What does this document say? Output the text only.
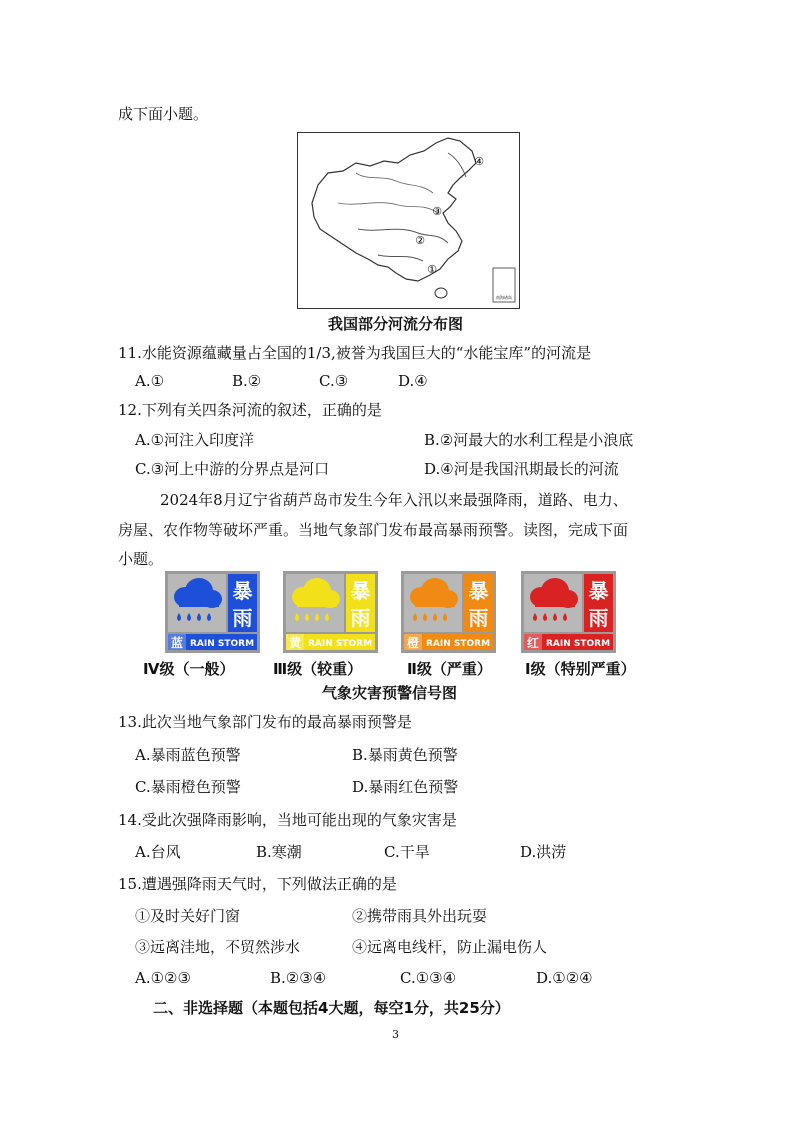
成下面小题。
南海诸岛
④
③
②
①
我国部分河流分布图
11.水能资源蕴藏量占全国的1/3,被誉为我国巨大的“水能宝库”的河流是
A.①	B.②	C.③	D.④
12.下列有关四条河流的叙述，正确的是
A.①河注入印度洋	B.②河最大的水利工程是小浪底
C.③河上中游的分界点是河口	D.④河是我国汛期最长的河流
2024年8月辽宁省葫芦岛市发生今年入汛以来最强降雨，道路、电力、
房屋、农作物等破坏严重。当地气象部门发布最高暴雨预警。读图，完成下面
小题。
暴
雨
蓝 RAIN STORM
Ⅳ级（一般）
暴
雨
黄 RAIN STORM
Ⅲ级（较重）
暴
雨
橙 RAIN STORM
Ⅱ级（严重）
暴
雨
红 RAIN STORM
Ⅰ级（特别严重）
气象灾害预警信号图
13.此次当地气象部门发布的最高暴雨预警是
A.暴雨蓝色预警	B.暴雨黄色预警
C.暴雨橙色预警	D.暴雨红色预警
14.受此次强降雨影响，当地可能出现的气象灾害是
A.台风	B.寒潮	C.干旱	D.洪涝
15.遭遇强降雨天气时，下列做法正确的是
①及时关好门窗	②携带雨具外出玩耍
③远离洼地，不贸然涉水	④远离电线杆，防止漏电伤人
A.①②③	B.②③④	C.①③④	D.①②④
二、非选择题（本题包括4大题，每空1分，共25分）
3
